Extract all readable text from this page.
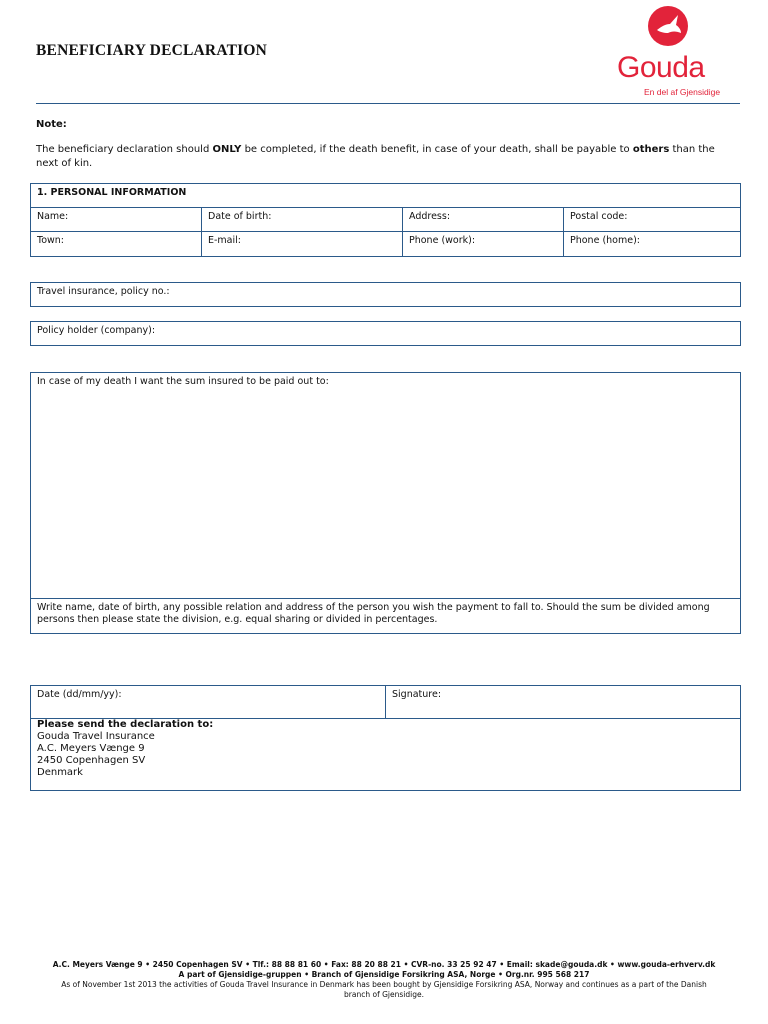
BENEFICIARY DECLARATION
Gouda
En del af Gjensidige
Note:
The beneficiary declaration should ONLY be completed, if the death benefit, in case of your death, shall be payable to others than the next of kin.
1. PERSONAL INFORMATION
Name:	Date of birth:	Address:	Postal code:
Town:	E-mail:	Phone (work):	Phone (home):
Travel insurance, policy no.:
Policy holder (company):
In case of my death I want the sum insured to be paid out to:
Write name, date of birth, any possible relation and address of the person you wish the payment to fall to. Should the sum be divided among persons then please state the division, e.g. equal sharing or divided in percentages.
Date (dd/mm/yy):	Signature:
Please send the declaration to:
Gouda Travel Insurance
A.C. Meyers Vænge 9
2450 Copenhagen SV
Denmark
A.C. Meyers Vænge 9 • 2450 Copenhagen SV • Tlf.: 88 88 81 60 • Fax: 88 20 88 21 • CVR-no. 33 25 92 47 • Email: skade@gouda.dk • www.gouda-erhverv.dk
A part of Gjensidige-gruppen • Branch of Gjensidige Forsikring ASA, Norge • Org.nr. 995 568 217
As of November 1st 2013 the activities of Gouda Travel Insurance in Denmark has been bought by Gjensidige Forsikring ASA, Norway and continues as a part of the Danish branch of Gjensidige.
